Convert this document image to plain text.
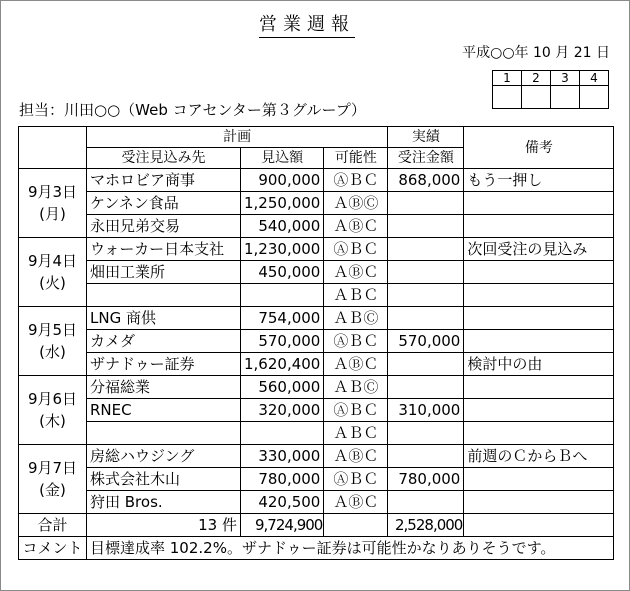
営業週報
平成○○年 10 月 21 日
1	2	3	4

担当：川田○○（Web コアセンター第３グループ）
	計画			実績	備考
	受注見込み先	見込額	可能性	受注金額	

9月3日
(月)	マホロビア商事	900,000	ⒶＢＣ	868,000	もう一押し
	ケンネン食品	1,250,000	ＡⒷⒸ		
	永田兄弟交易	540,000	ＡⒷＣ		

9月4日
(火)	ウォーカー日本支社	1,230,000	ⒶＢＣ		次回受注の見込み
	畑田工業所	450,000	ＡⒷＣ		
			ＡＢＣ		

9月5日
(水)	LNG 商供	754,000	ＡＢⒸ		
	カメダ	570,000	ⒶＢＣ	570,000	
	ザナドゥー証券	1,620,400	ＡⒷＣ		検討中の由

9月6日
(木)	分福総業	560,000	ＡＢⒸ		
	RNEC	320,000	ⒶＢＣ	310,000	
			ＡＢＣ		

9月7日
(金)	房総ハウジング	330,000	ＡⒷＣ		前週のＣからＢへ
	株式会社木山	780,000	ⒶＢＣ	780,000	
	狩田 Bros.	420,500	ＡⒷＣ		
合計	13 件	9,724,900		2,528,000	
コメント	目標達成率 102.2%。ザナドゥー証券は可能性かなりありそうです。				
